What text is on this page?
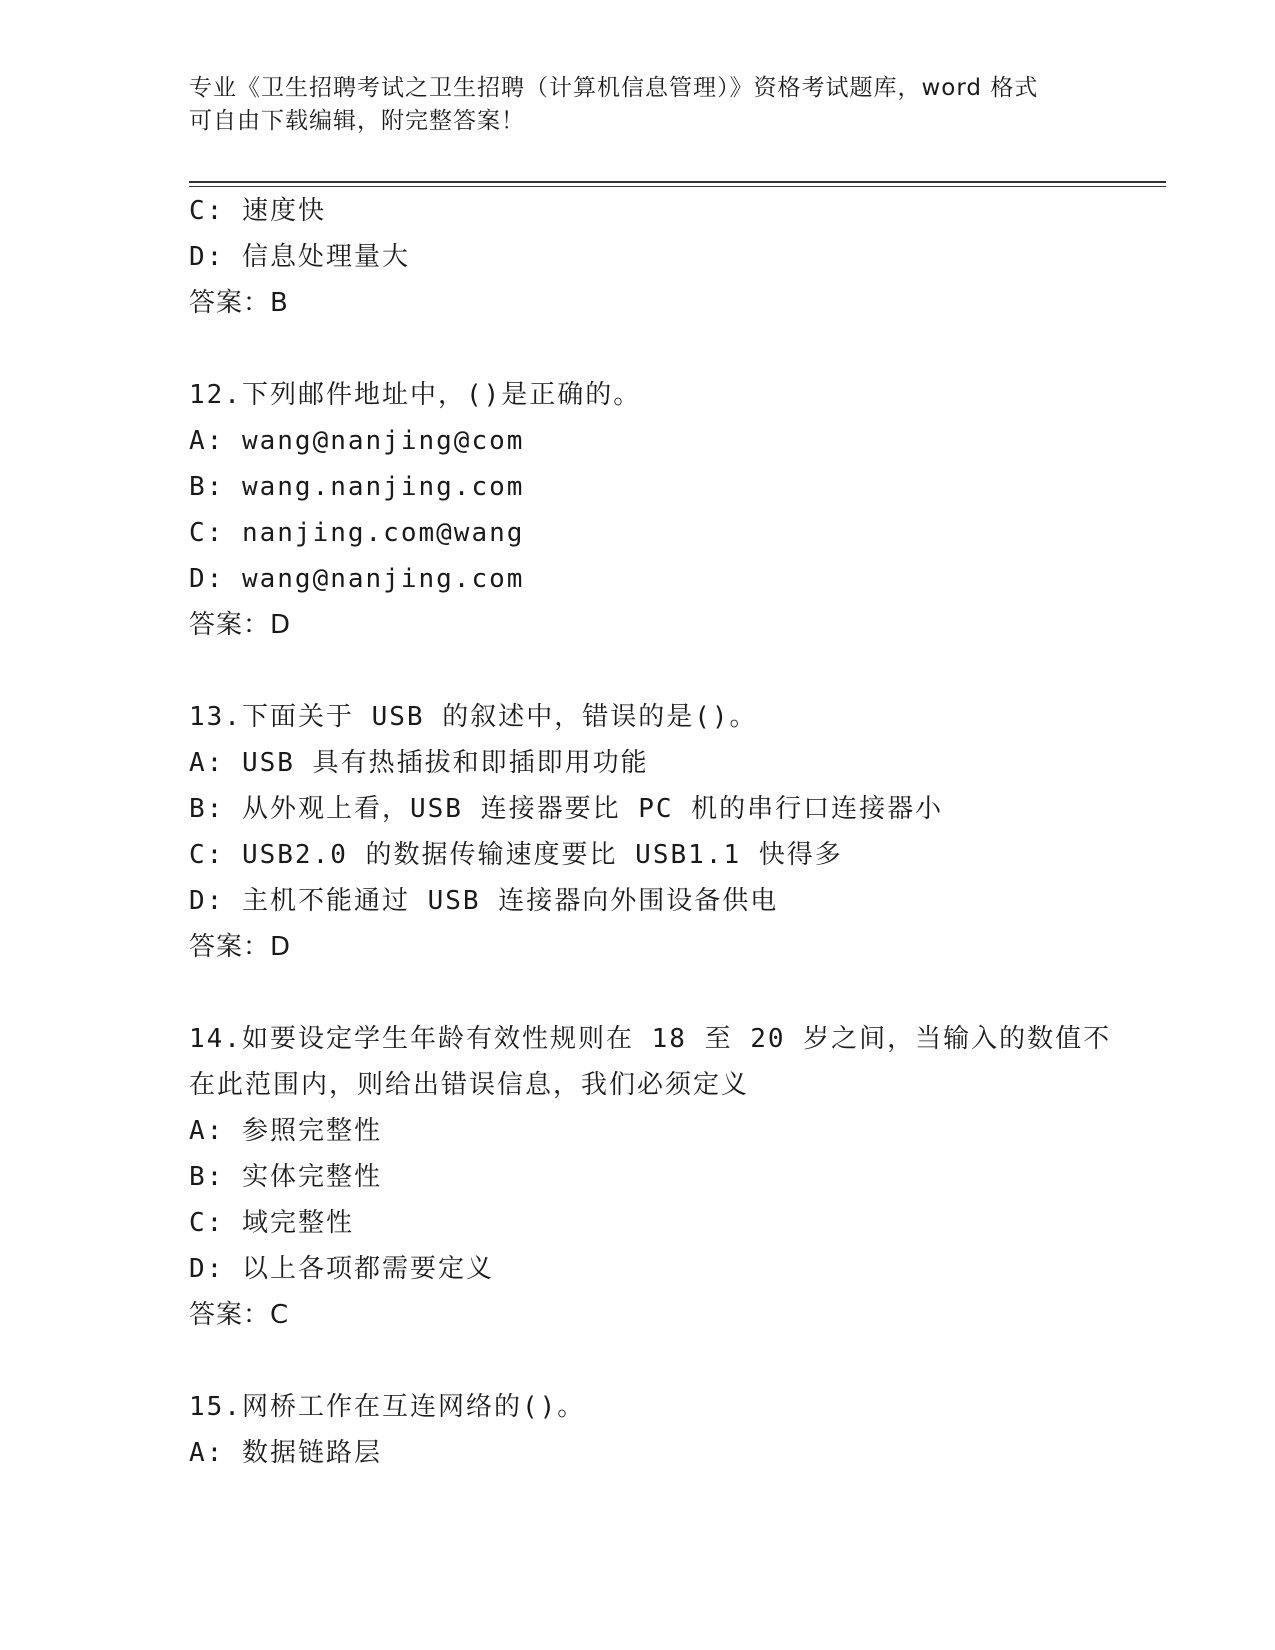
专业《卫生招聘考试之卫生招聘（计算机信息管理）》资格考试题库，word 格式
可自由下载编辑，附完整答案！
C: 速度快
D: 信息处理量大
答案：B
12.下列邮件地址中，()是正确的。
A: wang@nanjing@com
B: wang.nanjing.com
C: nanjing.com@wang
D: wang@nanjing.com
答案：D
13.下面关于 USB 的叙述中，错误的是()。
A: USB 具有热插拔和即插即用功能
B: 从外观上看，USB 连接器要比 PC 机的串行口连接器小
C: USB2.0 的数据传输速度要比 USB1.1 快得多
D: 主机不能通过 USB 连接器向外围设备供电
答案：D
14.如要设定学生年龄有效性规则在 18 至 20 岁之间，当输入的数值不
在此范围内，则给出错误信息，我们必须定义
A: 参照完整性
B: 实体完整性
C: 域完整性
D: 以上各项都需要定义
答案：C
15.网桥工作在互连网络的()。
A: 数据链路层
